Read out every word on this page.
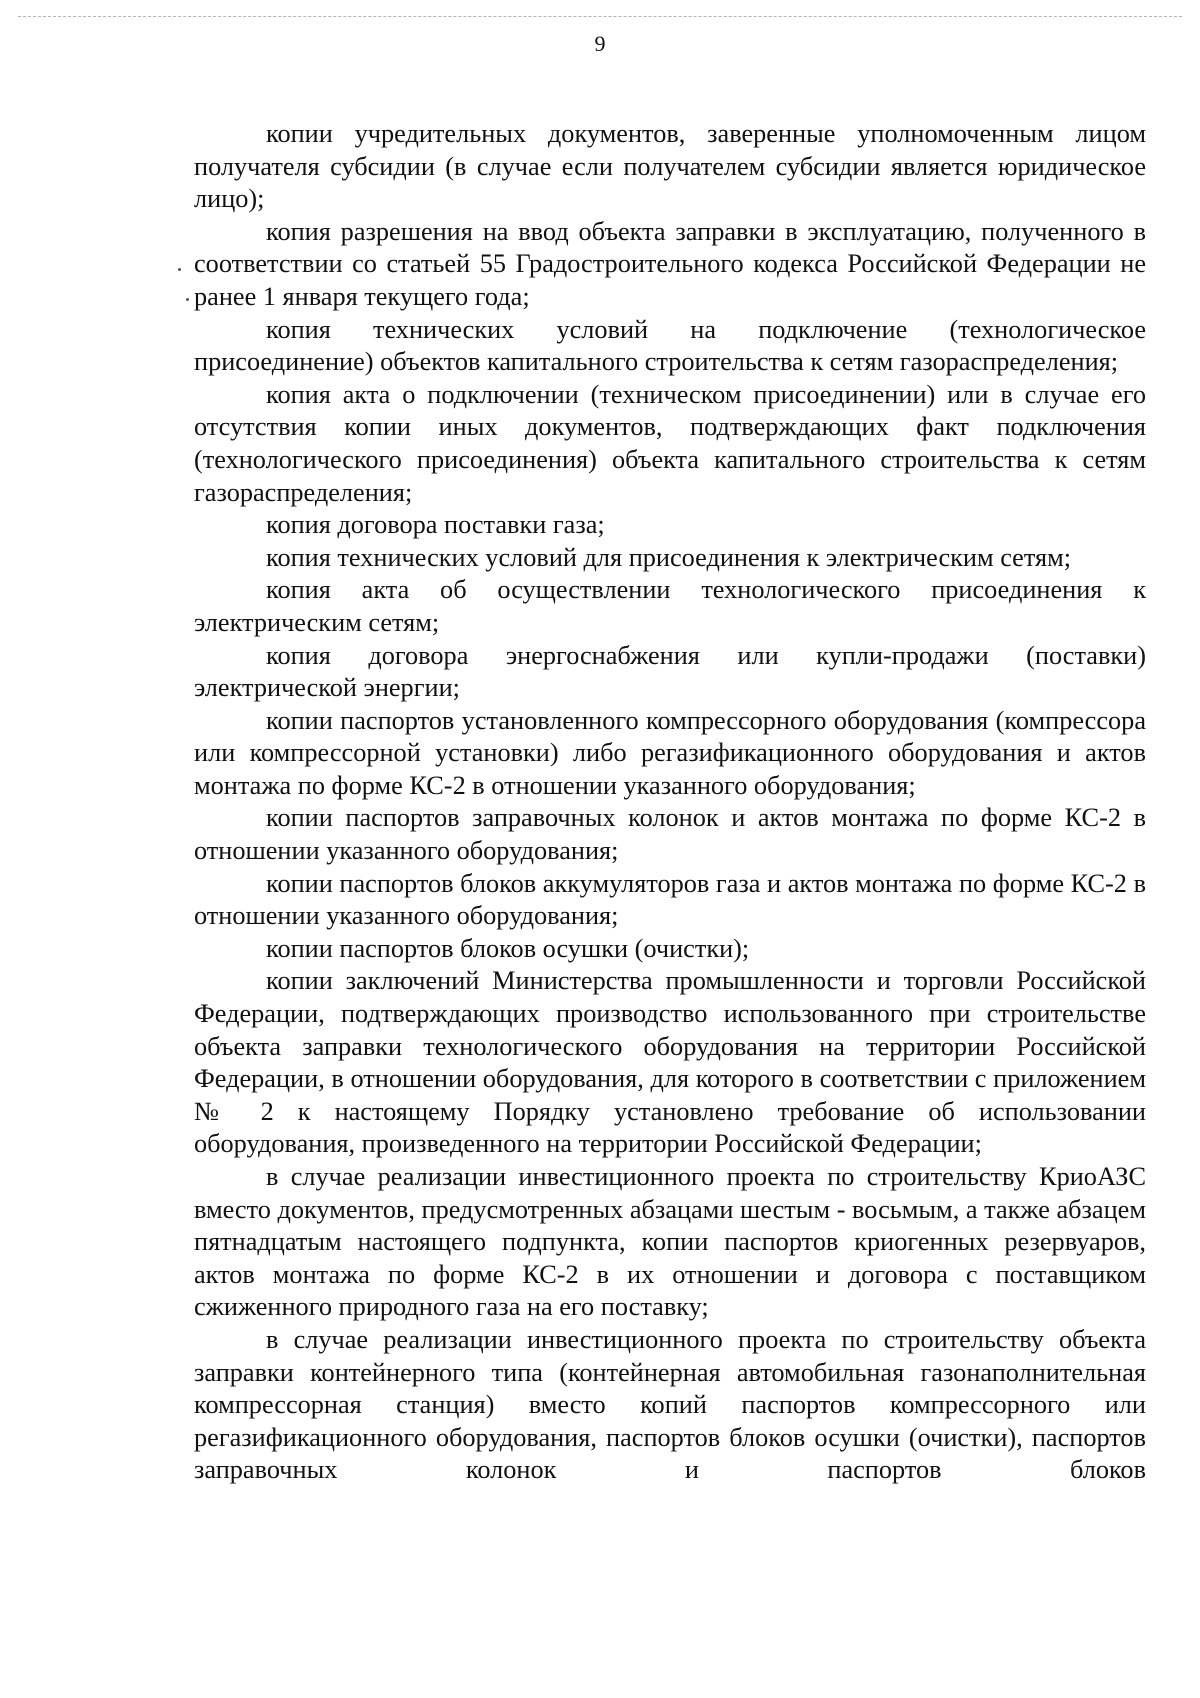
9

копии учредительных документов, заверенные уполномоченным лицом получателя субсидии (в случае если получателем субсидии является юридическое лицо);

копия разрешения на ввод объекта заправки в эксплуатацию, полученного в соответствии со статьей 55 Градостроительного кодекса Российской Федерации не ранее 1 января текущего года;

копия технических условий на подключение (технологическое присоединение) объектов капитального строительства к сетям газораспределения;

копия акта о подключении (техническом присоединении) или в случае его отсутствия копии иных документов, подтверждающих факт подключения (технологического присоединения) объекта капитального строительства к сетям газораспределения;

копия договора поставки газа;

копия технических условий для присоединения к электрическим сетям;

копия акта об осуществлении технологического присоединения к электрическим сетям;

копия договора энергоснабжения или купли-продажи (поставки) электрической энергии;

копии паспортов установленного компрессорного оборудования (компрессора или компрессорной установки) либо регазификационного оборудования и актов монтажа по форме КС-2 в отношении указанного оборудования;

копии паспортов заправочных колонок и актов монтажа по форме КС-2 в отношении указанного оборудования;

копии паспортов блоков аккумуляторов газа и актов монтажа по форме КС-2 в отношении указанного оборудования;

копии паспортов блоков осушки (очистки);

копии заключений Министерства промышленности и торговли Российской Федерации, подтверждающих производство использованного при строительстве объекта заправки технологического оборудования на территории Российской Федерации, в отношении оборудования, для которого в соответствии с приложением № 2 к настоящему Порядку установлено требование об использовании оборудования, произведенного на территории Российской Федерации;

в случае реализации инвестиционного проекта по строительству КриоАЗС вместо документов, предусмотренных абзацами шестым - восьмым, а также абзацем пятнадцатым настоящего подпункта, копии паспортов криогенных резервуаров, актов монтажа по форме КС-2 в их отношении и договора с поставщиком сжиженного природного газа на его поставку;

в случае реализации инвестиционного проекта по строительству объекта заправки контейнерного типа (контейнерная автомобильная газонаполнительная компрессорная станция) вместо копий паспортов компрессорного или регазификационного оборудования, паспортов блоков осушки (очистки), паспортов заправочных колонок и паспортов блоков
